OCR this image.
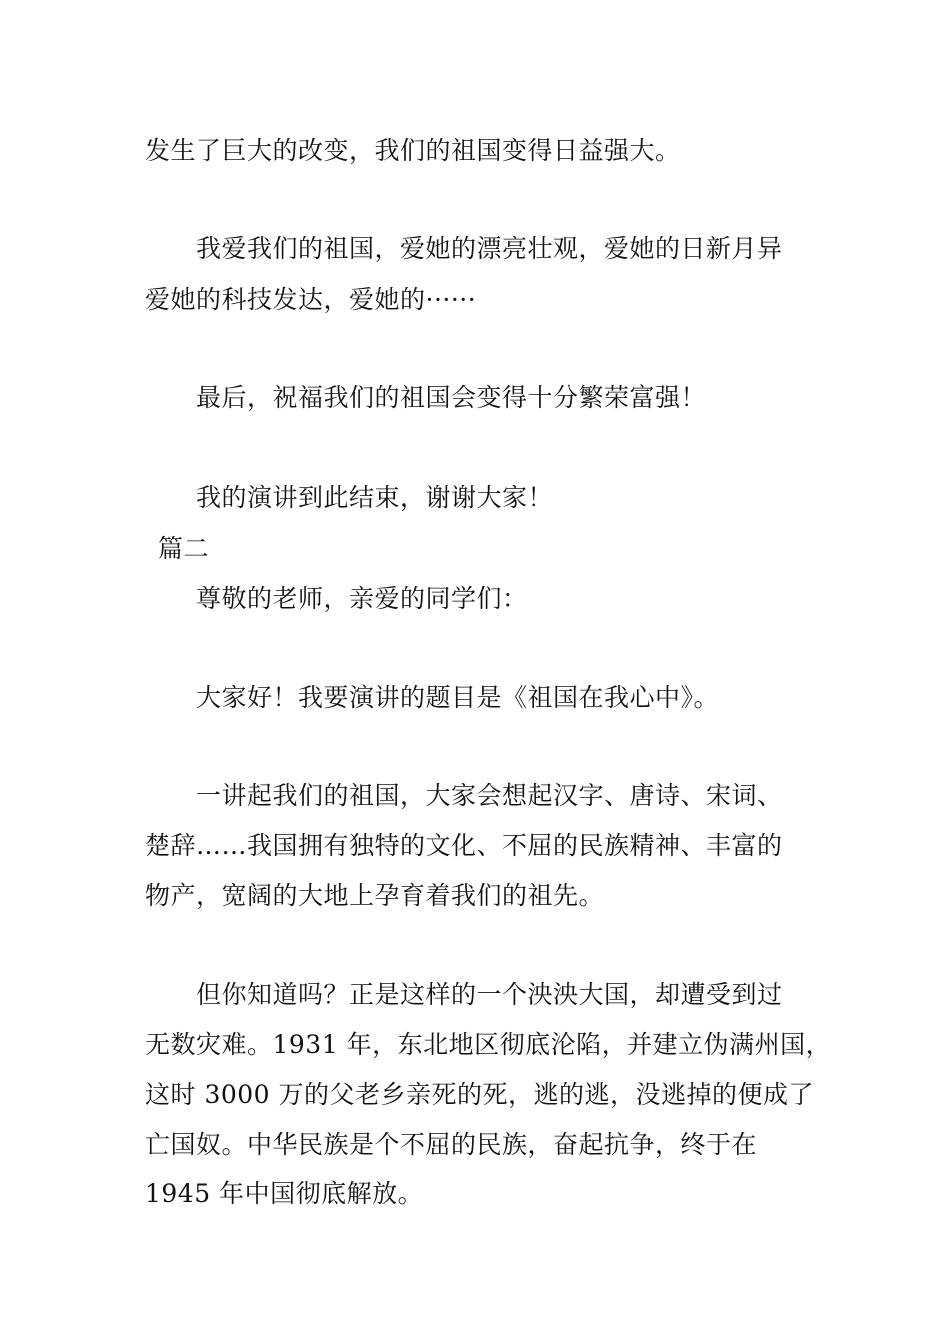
发生了巨大的改变，我们的祖国变得日益强大。

我爱我们的祖国，爱她的漂亮壮观，爱她的日新月异

爱她的科技发达，爱她的······

最后，祝福我们的祖国会变得十分繁荣富强！

我的演讲到此结束，谢谢大家！

篇二

尊敬的老师，亲爱的同学们：

大家好！我要演讲的题目是《祖国在我心中》。

一讲起我们的祖国，大家会想起汉字、唐诗、宋词、

楚辞……我国拥有独特的文化、不屈的民族精神、丰富的

物产，宽阔的大地上孕育着我们的祖先。

但你知道吗？正是这样的一个泱泱大国，却遭受到过

无数灾难。1931 年，东北地区彻底沦陷，并建立伪满州国，

这时 3000 万的父老乡亲死的死，逃的逃，没逃掉的便成了

亡国奴。中华民族是个不屈的民族，奋起抗争，终于在

1945 年中国彻底解放。
